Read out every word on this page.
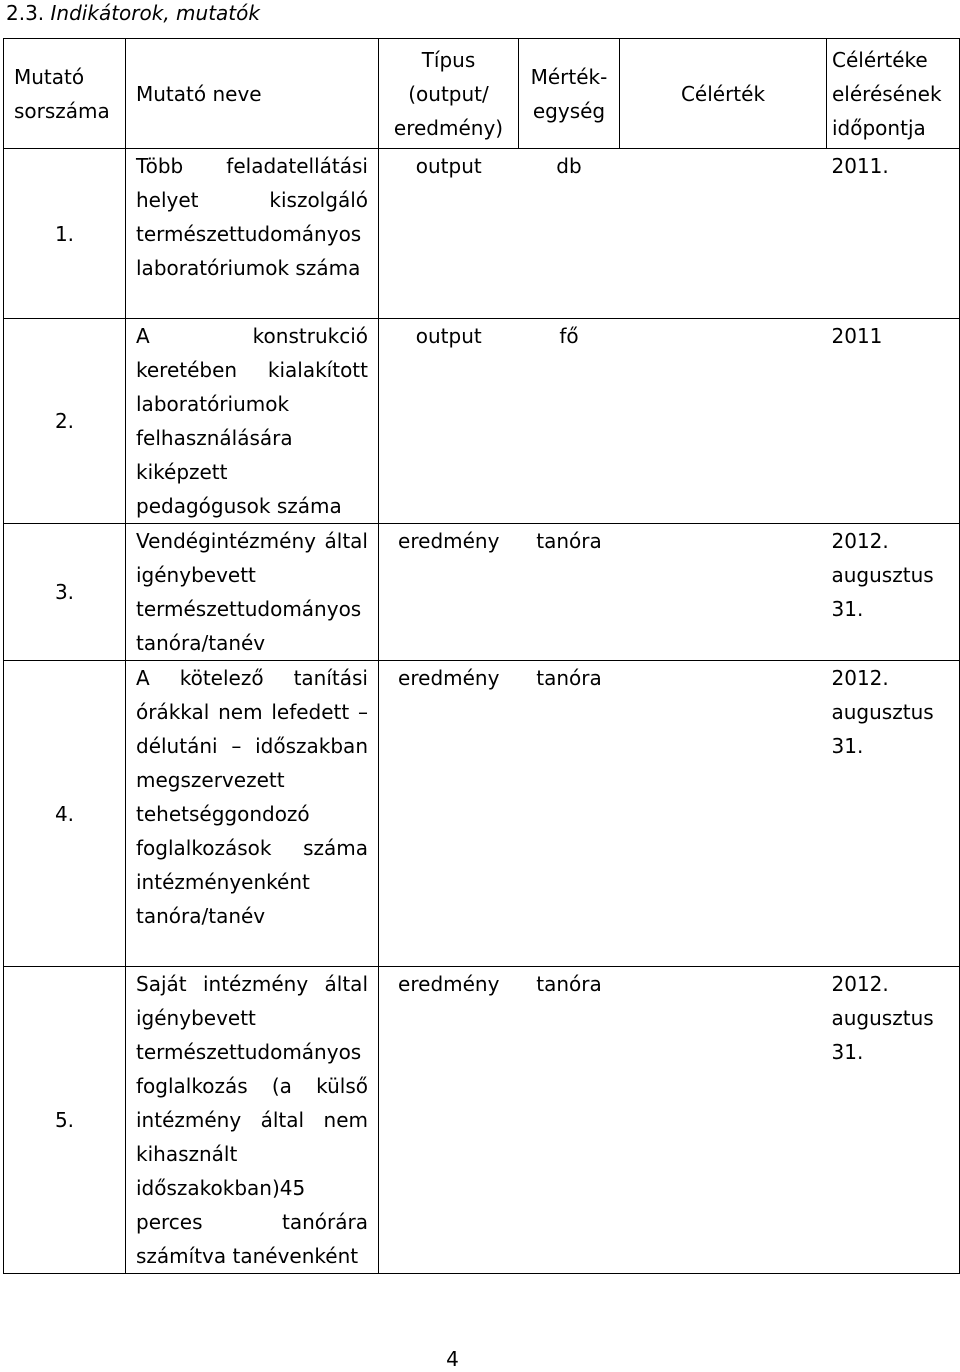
2.3. Indikátorok, mutatók
Mutató sorszáma	Mutató neve	Típus (output/ eredmény)	Mérték- egység	Célérték	Célértéke elérésének időpontja
1.	Több feladatellátási helyet kiszolgáló természettudományos laboratóriumok száma	output	db		2011.
2.	A konstrukció keretében kialakított laboratóriumok felhasználására kiképzett pedagógusok száma	output	fő		2011
3.	Vendégintézmény által igénybevett természettudományos tanóra/tanév	eredmény	tanóra		2012. augusztus 31.
4.	A kötelező tanítási órákkal nem lefedett – délutáni – időszakban megszervezett tehetséggondozó foglalkozások száma intézményenként tanóra/tanév	eredmény	tanóra		2012. augusztus 31.
5.	Saját intézmény által igénybevett természettudományos foglalkozás (a külső intézmény által nem kihasznált időszakokban)45 perces tanórára számítva tanévenként	eredmény	tanóra		2012. augusztus 31.
4
